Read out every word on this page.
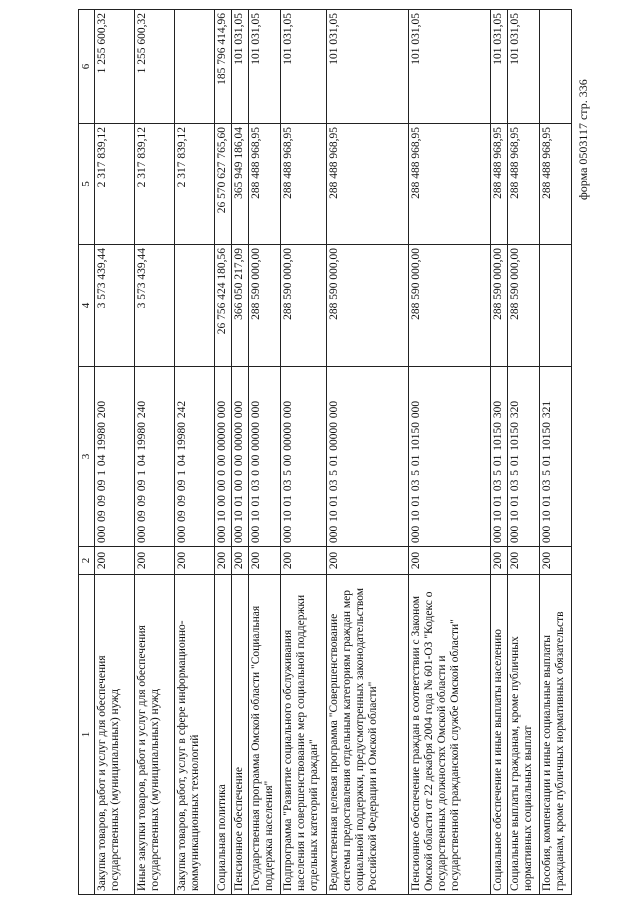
форма 0503117 стр. 336
1	2	3	4	5	6
Закупка товаров, работ и услуг для обеспечения государственных (муниципальных) нужд	200	000 09 09 09 1 04 19980 200	3 573 439,44	2 317 839,12	1 255 600,32
Иные закупки товаров, работ и услуг для обеспечения государственных (муниципальных) нужд	200	000 09 09 09 1 04 19980 240	3 573 439,44	2 317 839,12	1 255 600,32
Закупка товаров, работ, услуг в сфере информационно-коммуникационных технологий	200	000 09 09 09 1 04 19980 242		2 317 839,12	
Социальная политика	200	000 10 00 00 0 00 00000 000	26 756 424 180,56	26 570 627 765,60	185 796 414,96
Пенсионное обеспечение	200	000 10 01 00 0 00 00000 000	366 050 217,09	365 949 186,04	101 031,05
Государственная программа Омской области "Социальная поддержка населения"	200	000 10 01 03 0 00 00000 000	288 590 000,00	288 488 968,95	101 031,05
Подпрограмма "Развитие социального обслуживания населения и совершенствование мер социальной поддержки отдельных категорий граждан"	200	000 10 01 03 5 00 00000 000	288 590 000,00	288 488 968,95	101 031,05
Ведомственная целевая программа "Совершенствование системы предоставления отдельным категориям граждан мер социальной поддержки, предусмотренных законодательством Российской Федерации и Омской области"	200	000 10 01 03 5 01 00000 000	288 590 000,00	288 488 968,95	101 031,05
Пенсионное обеспечение граждан в соответствии с Законом Омской области от 22 декабря 2004 года № 601-ОЗ "Кодекс о государственных должностях Омской области и государственной гражданской службе Омской области"	200	000 10 01 03 5 01 10150 000	288 590 000,00	288 488 968,95	101 031,05
Социальное обеспечение и иные выплаты населению	200	000 10 01 03 5 01 10150 300	288 590 000,00	288 488 968,95	101 031,05
Социальные выплаты гражданам, кроме публичных нормативных социальных выплат	200	000 10 01 03 5 01 10150 320	288 590 000,00	288 488 968,95	101 031,05
Пособия, компенсации и иные социальные выплаты гражданам, кроме публичных нормативных обязательств	200	000 10 01 03 5 01 10150 321		288 488 968,95	
